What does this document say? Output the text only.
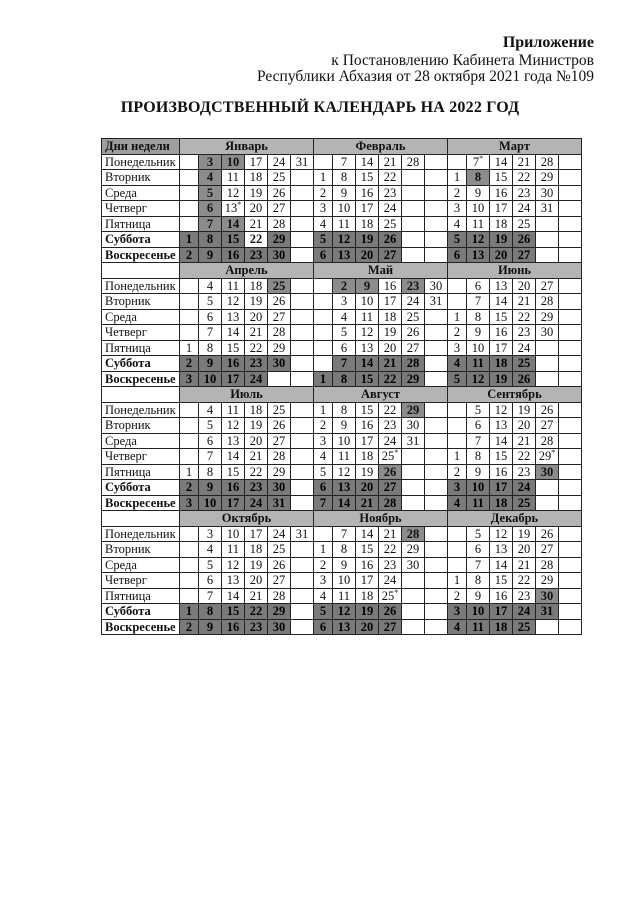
Приложение
к Постановлению Кабинета Министров
Республики Абхазия от 28 октября 2021 года №109
ПРОИЗВОДСТВЕННЫЙ КАЛЕНДАРЬ НА 2022 ГОД
Дни недели	Январь						Февраль						Март					
Понедельник		3	10	17	24	31		7	14	21	28			7*	14	21	28	
Вторник		4	11	18	25		1	8	15	22			1	8	15	22	29	
Среда		5	12	19	26		2	9	16	23			2	9	16	23	30	
Четверг		6	13*	20	27		3	10	17	24			3	10	17	24	31	
Пятница		7	14	21	28		4	11	18	25			4	11	18	25		
Суббота	1	8	15	22	29		5	12	19	26			5	12	19	26		
Воскресенье	2	9	16	23	30		6	13	20	27			6	13	20	27		
	Апрель						Май						Июнь					
Понедельник		4	11	18	25			2	9	16	23	30		6	13	20	27	
Вторник		5	12	19	26			3	10	17	24	31		7	14	21	28	
Среда		6	13	20	27			4	11	18	25		1	8	15	22	29	
Четверг		7	14	21	28			5	12	19	26		2	9	16	23	30	
Пятница	1	8	15	22	29			6	13	20	27		3	10	17	24		
Суббота	2	9	16	23	30			7	14	21	28		4	11	18	25		
Воскресенье	3	10	17	24			1	8	15	22	29		5	12	19	26		
	Июль						Август						Сентябрь					
Понедельник		4	11	18	25		1	8	15	22	29			5	12	19	26	
Вторник		5	12	19	26		2	9	16	23	30			6	13	20	27	
Среда		6	13	20	27		3	10	17	24	31			7	14	21	28	
Четверг		7	14	21	28		4	11	18	25*			1	8	15	22	29*	
Пятница	1	8	15	22	29		5	12	19	26			2	9	16	23	30	
Суббота	2	9	16	23	30		6	13	20	27			3	10	17	24		
Воскресенье	3	10	17	24	31		7	14	21	28			4	11	18	25		
	Октябрь						Ноябрь						Декабрь					
Понедельник		3	10	17	24	31		7	14	21	28			5	12	19	26	
Вторник		4	11	18	25		1	8	15	22	29			6	13	20	27	
Среда		5	12	19	26		2	9	16	23	30			7	14	21	28	
Четверг		6	13	20	27		3	10	17	24			1	8	15	22	29	
Пятница		7	14	21	28		4	11	18	25*			2	9	16	23	30	
Суббота	1	8	15	22	29		5	12	19	26			3	10	17	24	31	
Воскресенье	2	9	16	23	30		6	13	20	27			4	11	18	25		
